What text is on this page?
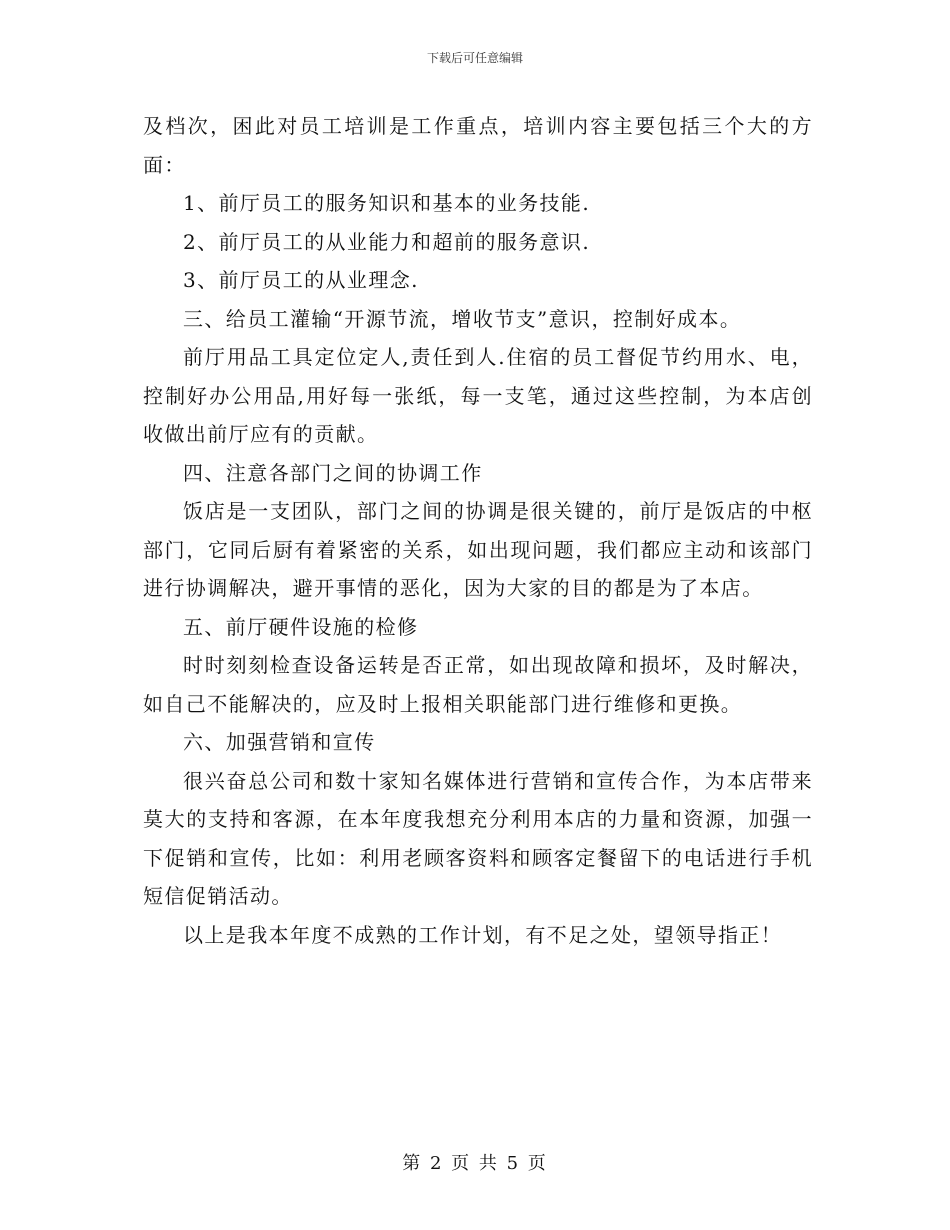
下载后可任意编辑

及档次，困此对员工培训是工作重点，培训内容主要包括三个大的方面：

1、前厅员工的服务知识和基本的业务技能.

2、前厅员工的从业能力和超前的服务意识.

3、前厅员工的从业理念.

三、给员工灌输“开源节流，增收节支”意识，控制好成本。

前厅用品工具定位定人,责任到人.住宿的员工督促节约用水、电，控制好办公用品,用好每一张纸，每一支笔，通过这些控制，为本店创收做出前厅应有的贡献。

四、注意各部门之间的协调工作

饭店是一支团队，部门之间的协调是很关键的，前厅是饭店的中枢部门，它同后厨有着紧密的关系，如出现问题，我们都应主动和该部门进行协调解决，避开事情的恶化，因为大家的目的都是为了本店。

五、前厅硬件设施的检修

时时刻刻检查设备运转是否正常，如出现故障和损坏，及时解决，如自己不能解决的，应及时上报相关职能部门进行维修和更换。

六、加强营销和宣传

很兴奋总公司和数十家知名媒体进行营销和宣传合作，为本店带来莫大的支持和客源，在本年度我想充分利用本店的力量和资源，加强一下促销和宣传，比如：利用老顾客资料和顾客定餐留下的电话进行手机短信促销活动。

以上是我本年度不成熟的工作计划，有不足之处，望领导指正！

第 2 页 共 5 页
